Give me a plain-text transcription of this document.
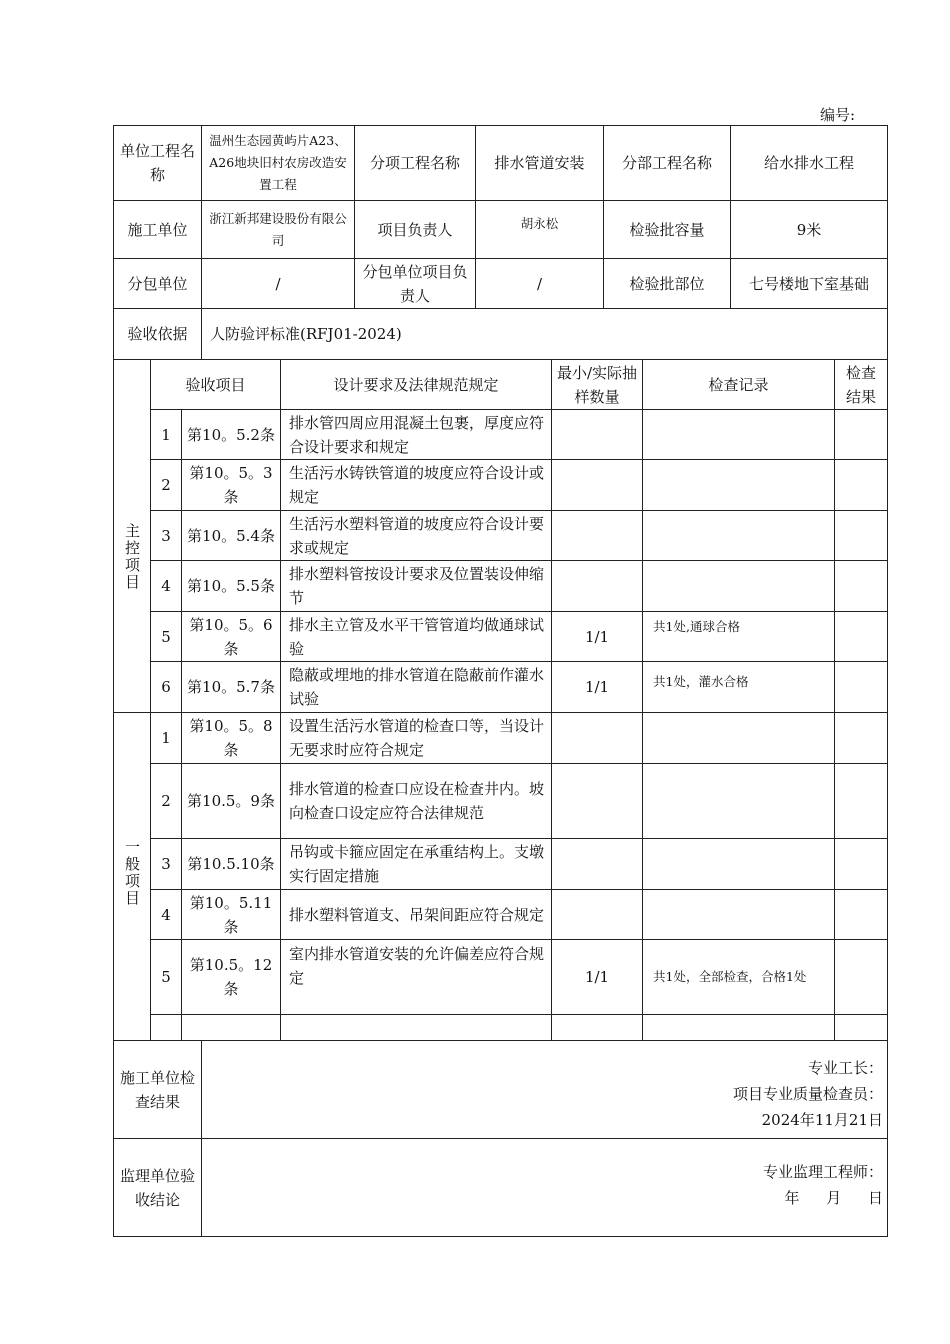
编号:
单位工程名称	温州生态园黄屿片A23、A26地块旧村农房改造安置工程	分项工程名称	排水管道安装	分部工程名称	给水排水工程
施工单位	浙江新邦建设股份有限公司	项目负责人	胡永松	检验批容量	9米
分包单位	/	分包单位项目负责人	/	检验批部位	七号楼地下室基础
验收依据	人防验评标准(RFJ01-2024)				
	验收项目		设计要求及法律规范规定	最小/实际抽样数量	检查记录	检查结果
主控项目	1	第10。5.2条	排水管四周应用混凝土包裹，厚度应符合设计要求和规定			
	2	第10。5。3条	生活污水铸铁管道的坡度应符合设计或规定			
	3	第10。5.4条	生活污水塑料管道的坡度应符合设计要求或规定			
	4	第10。5.5条	排水塑料管按设计要求及位置装设伸缩节			
	5	第10。5。6条	排水主立管及水平干管管道均做通球试验	1/1	共1处,通球合格	
	6	第10。5.7条	隐蔽或埋地的排水管道在隐蔽前作灌水试验	1/1	共1处，灌水合格	
一般项目	1	第10。5。8条	设置生活污水管道的检查口等，当设计无要求时应符合规定			
	2	第10.5。9条	排水管道的检查口应设在检查井内。坡向检查口设定应符合法律规范			
	3	第10.5.10条	吊钩或卡箍应固定在承重结构上。支墩实行固定措施			
	4	第10。5.11条	排水塑料管道支、吊架间距应符合规定			
	5	第10.5。12条	室内排水管道安装的允许偏差应符合规定	1/1	共1处，全部检查，合格1处	

施工单位检查结果	专业工长：
项目专业质量检查员：
2024年11月21日

监理单位验收结论	专业监理工程师：
年 月 日
